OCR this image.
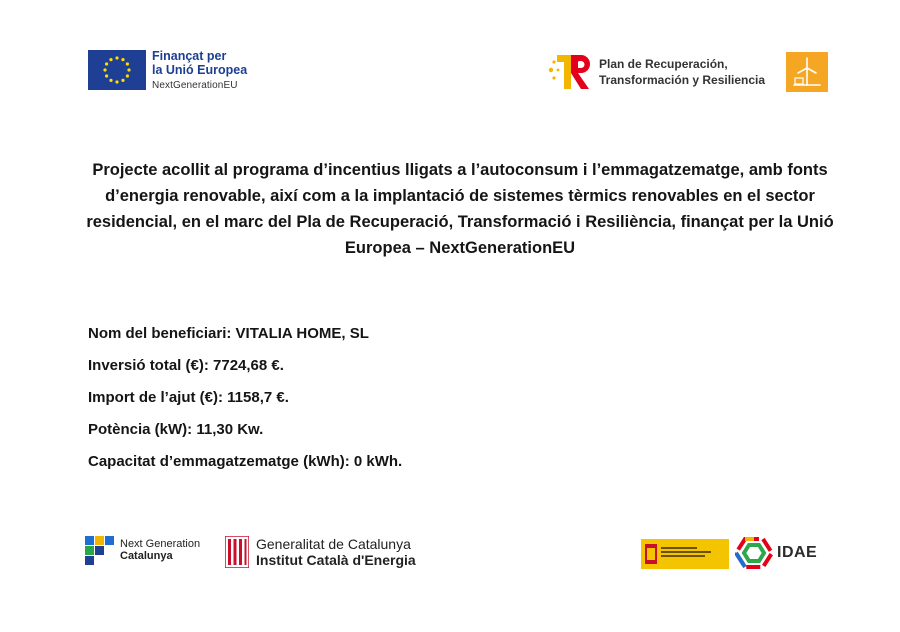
Finançat per
la Unió Europea
NextGenerationEU
Plan de Recuperación,
Transformación y Resiliencia
Projecte acollit al programa d’incentius lligats a l’autoconsum i l’emmagatzematge, amb fonts d’energia renovable, així com a la implantació de sistemes tèrmics renovables en el sector residencial, en el marc del Pla de Recuperació, Transformació i Resiliència, finançat per la Unió Europea – NextGenerationEU
Nom del beneficiari: VITALIA HOME, SL
Inversió total (€): 7724,68 €.
Import de l’ajut (€): 1158,7 €.
Potència (kW): 11,30 Kw.
Capacitat d’emmagatzematge (kWh): 0 kWh.
Next Generation
Catalunya
Generalitat de Catalunya
Institut Català d'Energia	IDAE
